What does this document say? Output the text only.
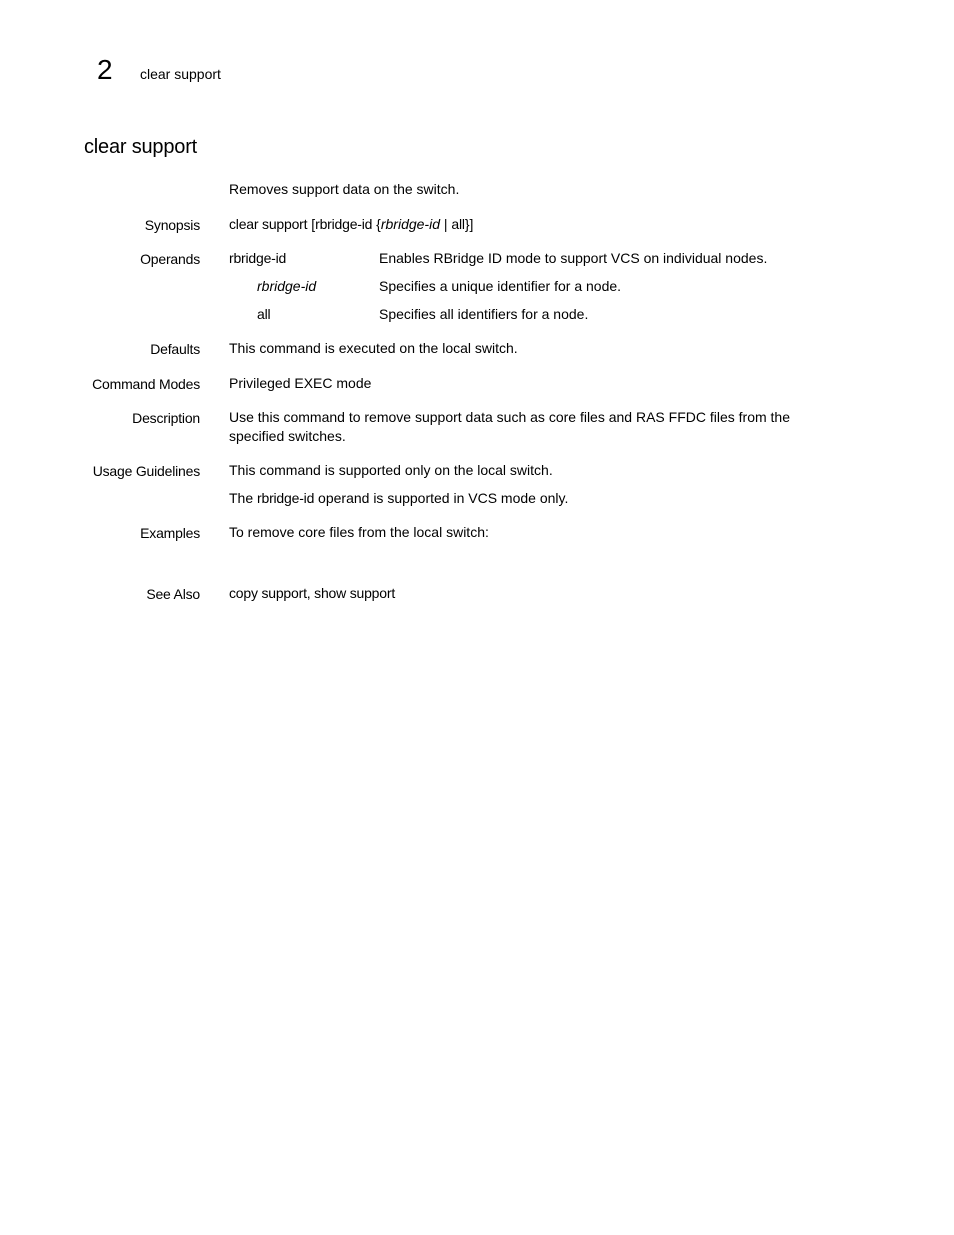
2 clear support
clear support
Removes support data on the switch.
Synopsis clear support [rbridge-id {rbridge-id | all}]
Operands rbridge-id	Enables RBridge ID mode to support VCS on individual nodes.
rbridge-id	Specifies a unique identifier for a node.
all	Specifies all identifiers for a node.
Defaults This command is executed on the local switch.
Command Modes Privileged EXEC mode
Description Use this command to remove support data such as core files and RAS FFDC files from the specified switches.
Usage Guidelines This command is supported only on the local switch.
The rbridge-id operand is supported in VCS mode only.
Examples To remove core files from the local switch:
See Also copy support, show support
